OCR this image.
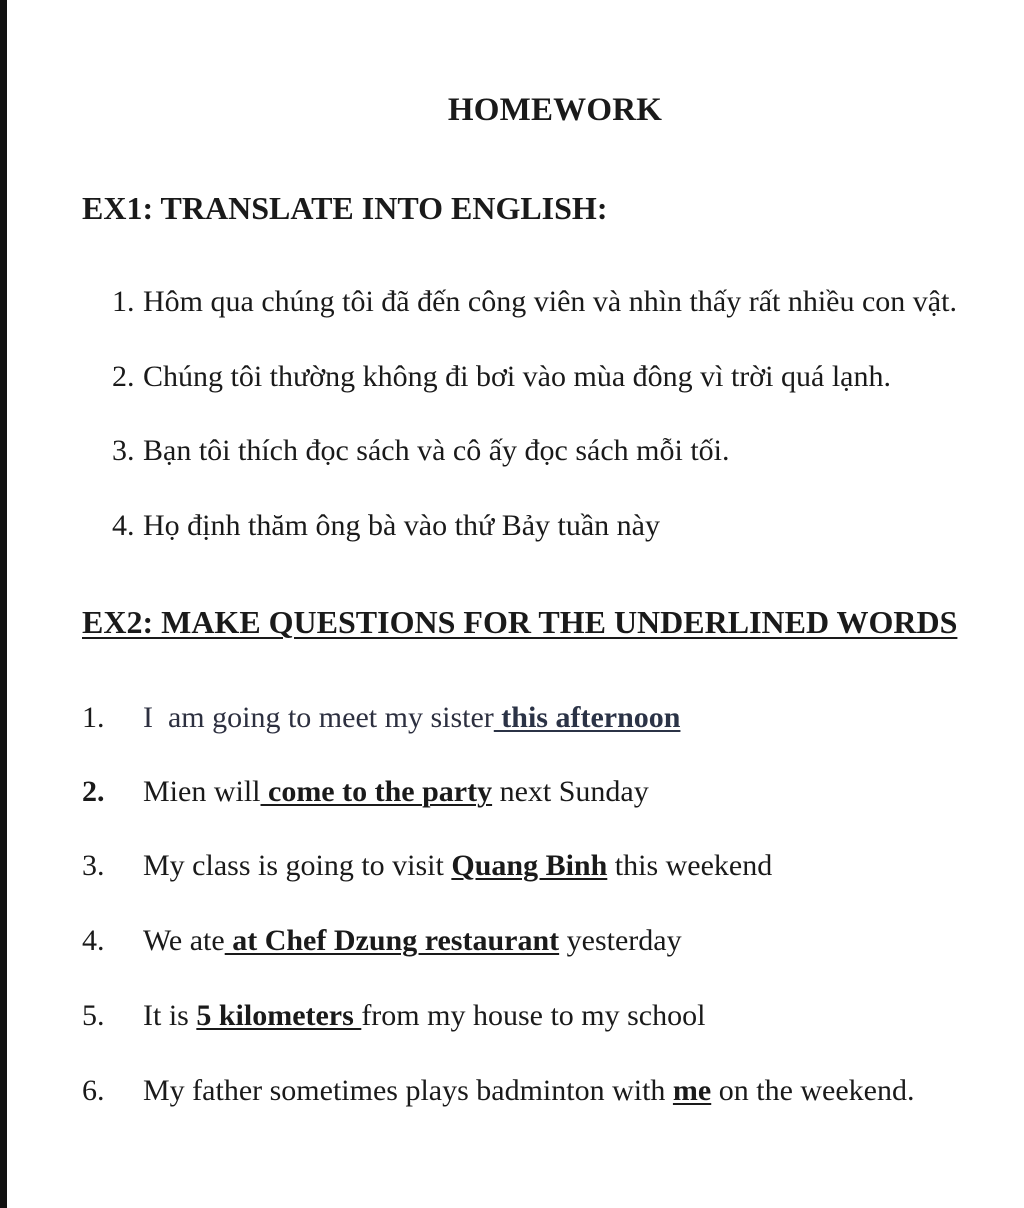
HOMEWORK
EX1: TRANSLATE INTO ENGLISH:

1. Hôm qua chúng tôi đã đến công viên và nhìn thấy rất nhiều con vật.

2. Chúng tôi thường không đi bơi vào mùa đông vì trời quá lạnh.

3. Bạn tôi thích đọc sách và cô ấy đọc sách mỗi tối.

4. Họ định thăm ông bà vào thứ Bảy tuần này

EX2: MAKE QUESTIONS FOR THE UNDERLINED WORDS

1. I  am going to meet my sister this afternoon

2. Mien will come to the party next Sunday

3. My class is going to visit Quang Binh this weekend

4. We ate at Chef Dzung restaurant yesterday

5. It is 5 kilometers from my house to my school

6. My father sometimes plays badminton with me on the weekend.
